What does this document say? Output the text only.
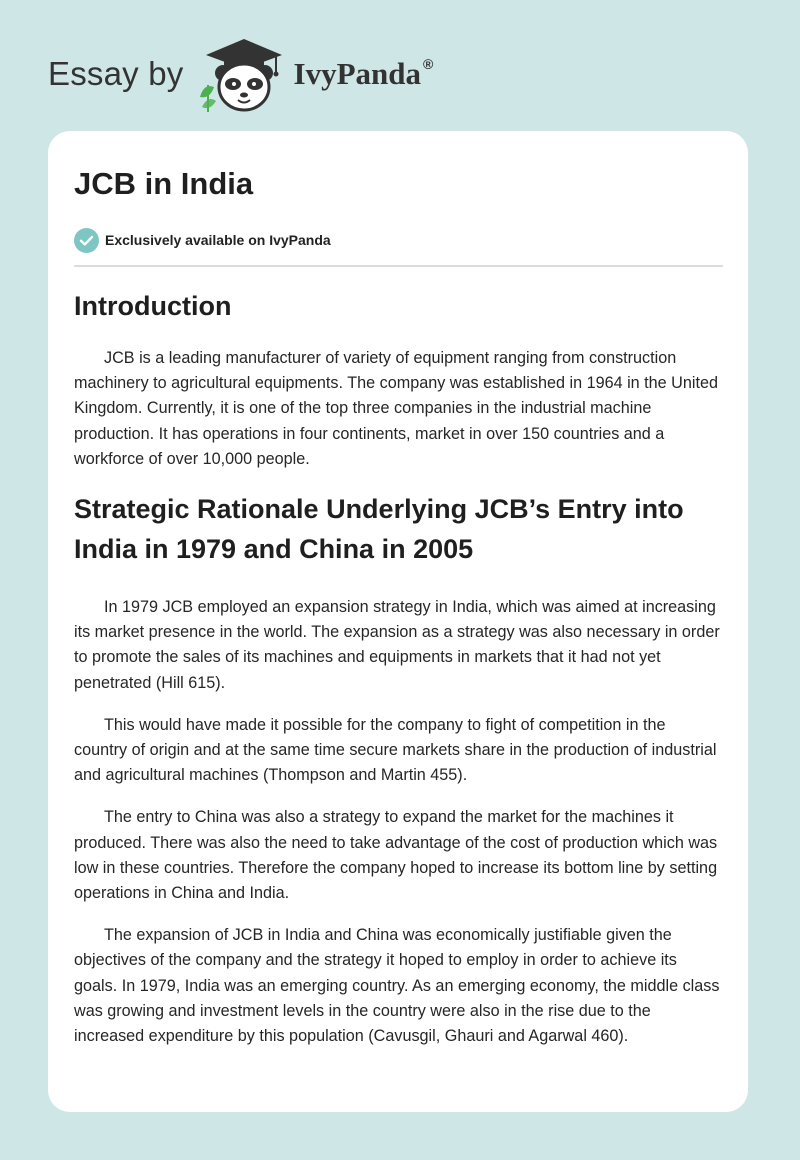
Essay by	IvyPanda ®
JCB in India
Exclusively available on IvyPanda
Introduction

JCB is a leading manufacturer of variety of equipment ranging from construction machinery to agricultural equipments. The company was established in 1964 in the United Kingdom. Currently, it is one of the top three companies in the industrial machine production. It has operations in four continents, market in over 150 countries and a workforce of over 10,000 people.

Strategic Rationale Underlying JCB’s Entry into India in 1979 and China in 2005

In 1979 JCB employed an expansion strategy in India, which was aimed at increasing its market presence in the world. The expansion as a strategy was also necessary in order to promote the sales of its machines and equipments in markets that it had not yet penetrated (Hill 615).

This would have made it possible for the company to fight of competition in the country of origin and at the same time secure markets share in the production of industrial and agricultural machines (Thompson and Martin 455).

The entry to China was also a strategy to expand the market for the machines it produced. There was also the need to take advantage of the cost of production which was low in these countries. Therefore the company hoped to increase its bottom line by setting operations in China and India.

The expansion of JCB in India and China was economically justifiable given the objectives of the company and the strategy it hoped to employ in order to achieve its goals. In 1979, India was an emerging country. As an emerging economy, the middle class was growing and investment levels in the country were also in the rise due to the increased expenditure by this population (Cavusgil, Ghauri and Agarwal 460).
